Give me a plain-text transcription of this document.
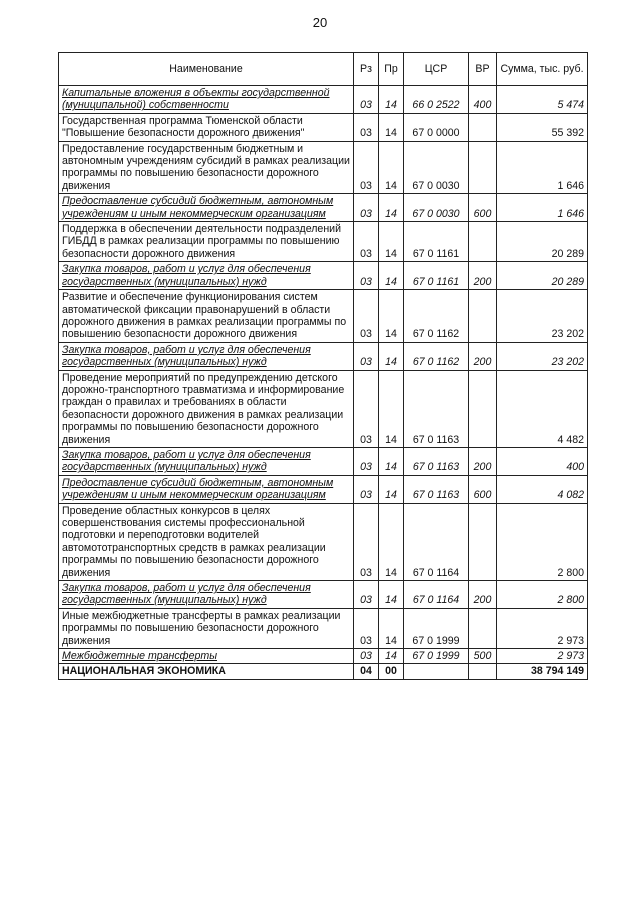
20
Наименование	Рз	Пр	ЦСР	ВР	Сумма, тыс. руб.
Капитальные вложения в объекты государственной (муниципальной) собственности	03	14	66 0 2522	400	5 474
Государственная программа Тюменской области "Повышение безопасности дорожного движения"	03	14	67 0 0000		55 392
Предоставление государственным бюджетным и автономным учреждениям субсидий в рамках реализации программы по повышению безопасности дорожного движения	03	14	67 0 0030		1 646
Предоставление субсидий бюджетным, автономным учреждениям и иным некоммерческим организациям	03	14	67 0 0030	600	1 646
Поддержка в обеспечении деятельности подразделений ГИБДД в рамках реализации программы по повышению безопасности дорожного движения	03	14	67 0 1161		20 289
Закупка товаров, работ и услуг для обеспечения государственных (муниципальных) нужд	03	14	67 0 1161	200	20 289
Развитие и обеспечение функционирования систем автоматической фиксации правонарушений в области дорожного движения в рамках реализации программы по повышению безопасности дорожного движения	03	14	67 0 1162		23 202
Закупка товаров, работ и услуг для обеспечения государственных (муниципальных) нужд	03	14	67 0 1162	200	23 202
Проведение мероприятий по предупреждению детского дорожно-транспортного травматизма и информирование граждан о правилах и требованиях в области безопасности дорожного движения в рамках реализации программы по повышению безопасности дорожного движения	03	14	67 0 1163		4 482
Закупка товаров, работ и услуг для обеспечения государственных (муниципальных) нужд	03	14	67 0 1163	200	400
Предоставление субсидий бюджетным, автономным учреждениям и иным некоммерческим организациям	03	14	67 0 1163	600	4 082
Проведение областных конкурсов в целях совершенствования системы профессиональной подготовки и переподготовки водителей автомототранспортных средств в рамках реализации программы по повышению безопасности дорожного движения	03	14	67 0 1164		2 800
Закупка товаров, работ и услуг для обеспечения государственных (муниципальных) нужд	03	14	67 0 1164	200	2 800
Иные межбюджетные трансферты в рамках реализации программы по повышению безопасности дорожного движения	03	14	67 0 1999		2 973
Межбюджетные трансферты	03	14	67 0 1999	500	2 973
НАЦИОНАЛЬНАЯ ЭКОНОМИКА	04	00			38 794 149
